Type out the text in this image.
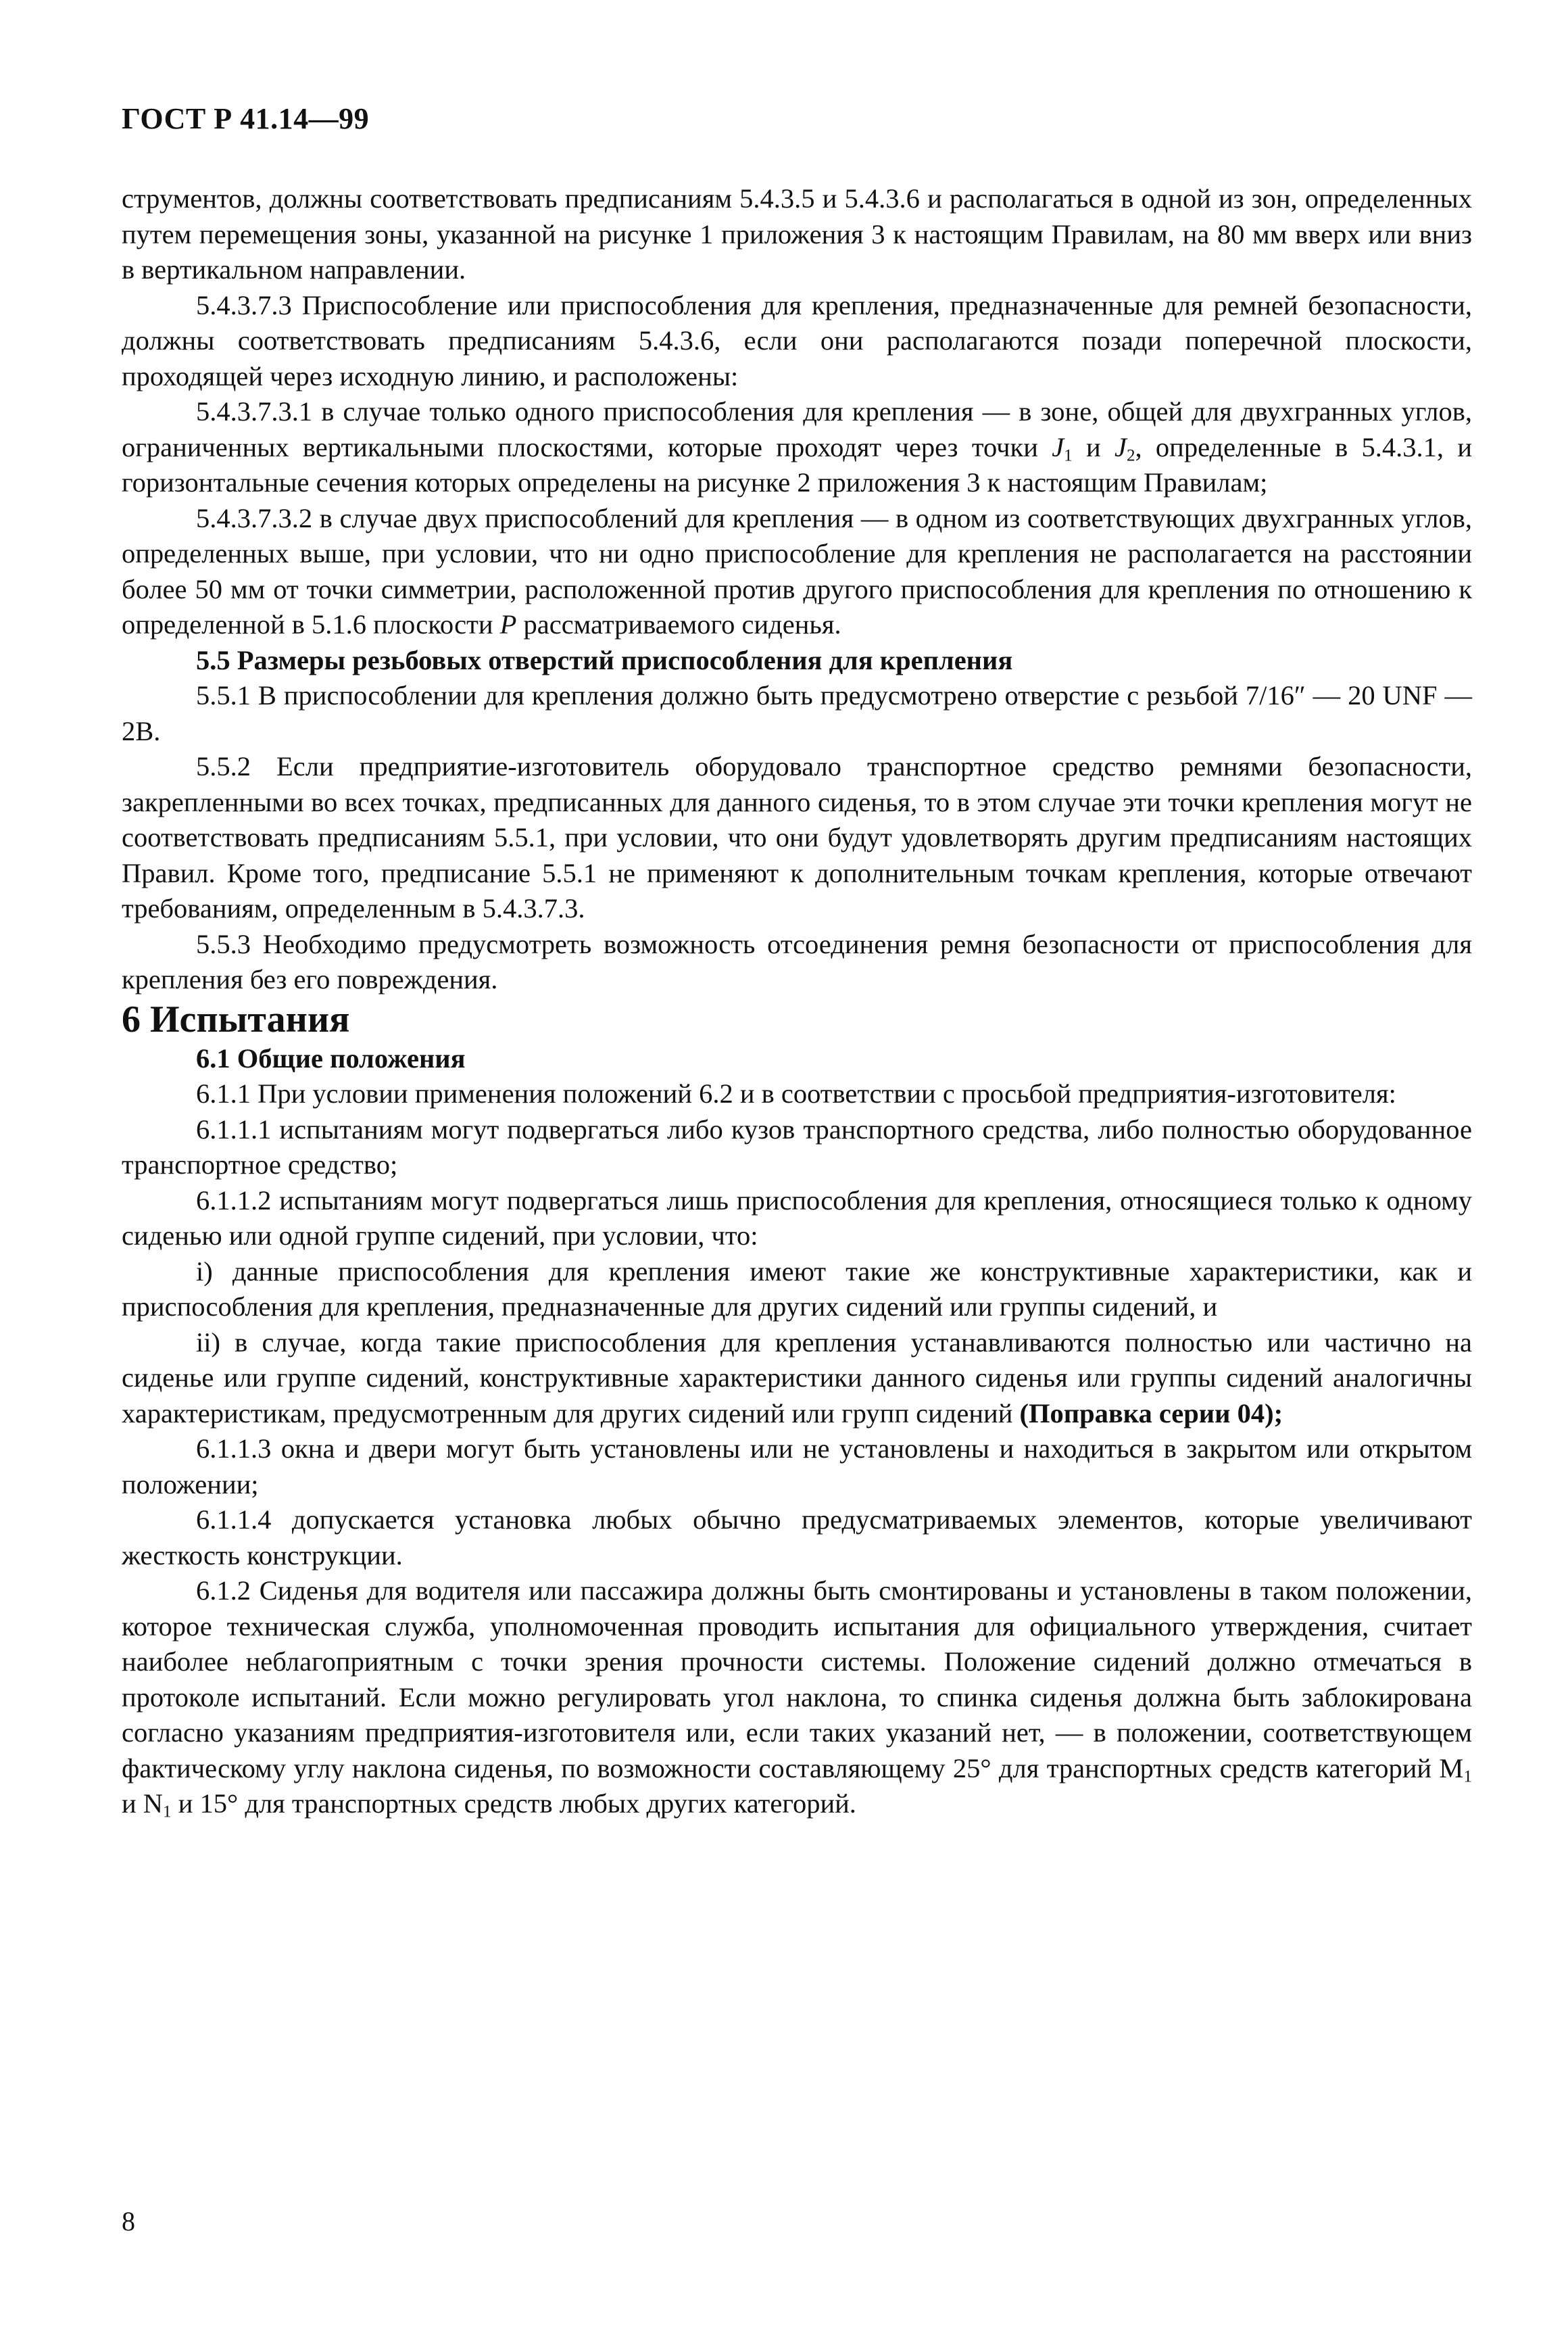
ГОСТ Р 41.14—99

струментов, должны соответствовать предписаниям 5.4.3.5 и 5.4.3.6 и располагаться в одной из зон, определенных путем перемещения зоны, указанной на рисунке 1 приложения 3 к настоящим Правилам, на 80 мм вверх или вниз в вертикальном направлении.

5.4.3.7.3 Приспособление или приспособления для крепления, предназначенные для ремней безопасности, должны соответствовать предписаниям 5.4.3.6, если они располагаются позади поперечной плоскости, проходящей через исходную линию, и расположены:

5.4.3.7.3.1 в случае только одного приспособления для крепления — в зоне, общей для двухгранных углов, ограниченных вертикальными плоскостями, которые проходят через точки $J_1$ и $J_2$, определенные в 5.4.3.1, и горизонтальные сечения которых определены на рисунке 2 приложения 3 к настоящим Правилам;

5.4.3.7.3.2 в случае двух приспособлений для крепления — в одном из соответствующих двухгранных углов, определенных выше, при условии, что ни одно приспособление для крепления не располагается на расстоянии более 50 мм от точки симметрии, расположенной против другого приспособления для крепления по отношению к определенной в 5.1.6 плоскости P рассматриваемого сиденья.

5.5 Размеры резьбовых отверстий приспособления для крепления

5.5.1 В приспособлении для крепления должно быть предусмотрено отверстие с резьбой 7/16″ — 20 UNF — 2B.

5.5.2 Если предприятие-изготовитель оборудовало транспортное средство ремнями безопасности, закрепленными во всех точках, предписанных для данного сиденья, то в этом случае эти точки крепления могут не соответствовать предписаниям 5.5.1, при условии, что они будут удовлетворять другим предписаниям настоящих Правил. Кроме того, предписание 5.5.1 не применяют к дополнительным точкам крепления, которые отвечают требованиям, определенным в 5.4.3.7.3.

5.5.3 Необходимо предусмотреть возможность отсоединения ремня безопасности от приспособления для крепления без его повреждения.

6 Испытания

6.1 Общие положения

6.1.1 При условии применения положений 6.2 и в соответствии с просьбой предприятия-изготовителя:

6.1.1.1 испытаниям могут подвергаться либо кузов транспортного средства, либо полностью оборудованное транспортное средство;

6.1.1.2 испытаниям могут подвергаться лишь приспособления для крепления, относящиеся только к одному сиденью или одной группе сидений, при условии, что:

i) данные приспособления для крепления имеют такие же конструктивные характеристики, как и приспособления для крепления, предназначенные для других сидений или группы сидений, и

ii) в случае, когда такие приспособления для крепления устанавливаются полностью или частично на сиденье или группе сидений, конструктивные характеристики данного сиденья или группы сидений аналогичны характеристикам, предусмотренным для других сидений или групп сидений (Поправка серии 04);

6.1.1.3 окна и двери могут быть установлены или не установлены и находиться в закрытом или открытом положении;

6.1.1.4 допускается установка любых обычно предусматриваемых элементов, которые увеличивают жесткость конструкции.

6.1.2 Сиденья для водителя или пассажира должны быть смонтированы и установлены в таком положении, которое техническая служба, уполномоченная проводить испытания для официального утверждения, считает наиболее неблагоприятным с точки зрения прочности системы. Положение сидений должно отмечаться в протоколе испытаний. Если можно регулировать угол наклона, то спинка сиденья должна быть заблокирована согласно указаниям предприятия-изготовителя или, если таких указаний нет, — в положении, соответствующем фактическому углу наклона сиденья, по возможности составляющему 25° для транспортных средств категорий $M_1$ и $N_1$ и 15° для транспортных средств любых других категорий.

8
